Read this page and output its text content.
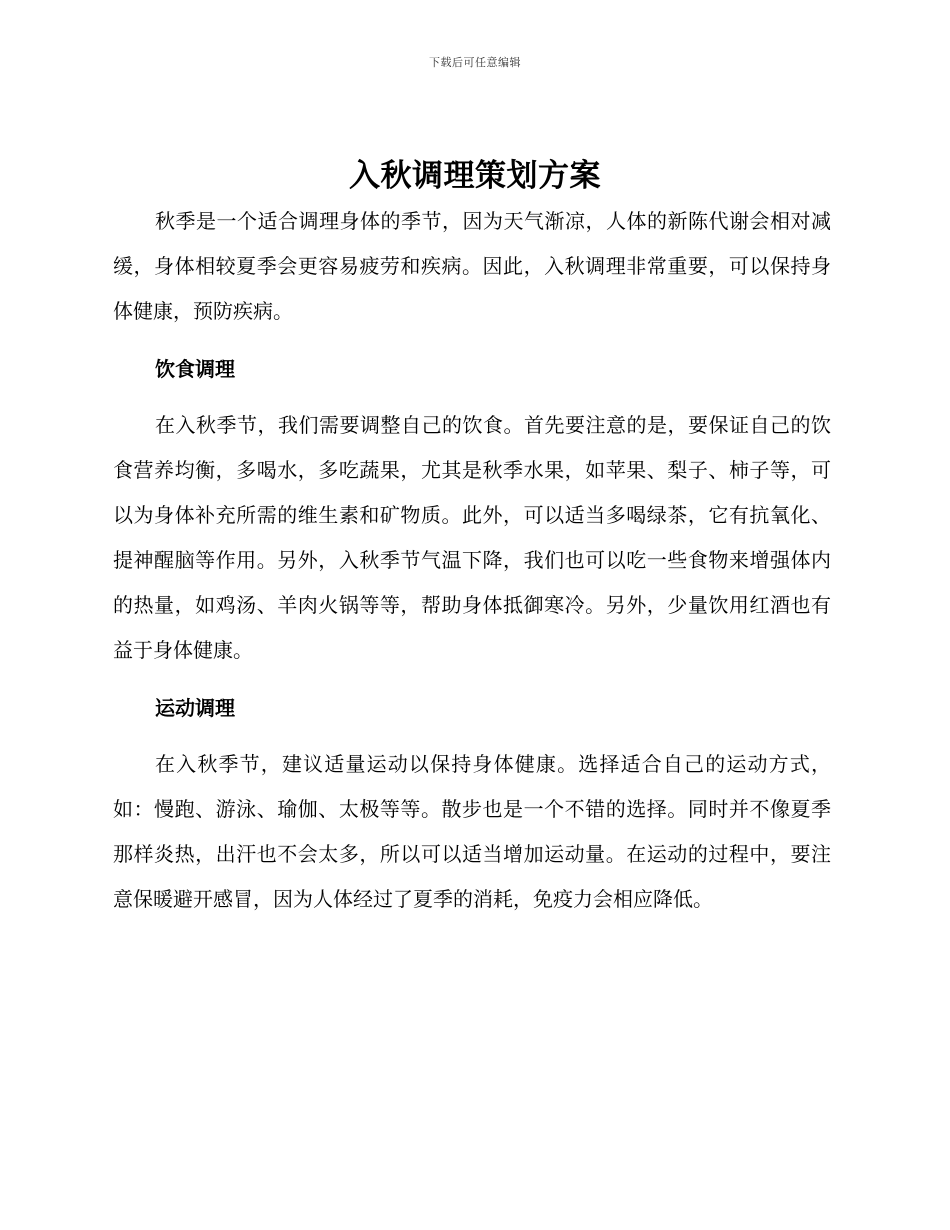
下载后可任意编辑
入秋调理策划方案

秋季是一个适合调理身体的季节，因为天气渐凉，人体的新陈代谢会相对减缓，身体相较夏季会更容易疲劳和疾病。因此，入秋调理非常重要，可以保持身体健康，预防疾病。

饮食调理

在入秋季节，我们需要调整自己的饮食。首先要注意的是，要保证自己的饮食营养均衡，多喝水，多吃蔬果，尤其是秋季水果，如苹果、梨子、柿子等，可以为身体补充所需的维生素和矿物质。此外，可以适当多喝绿茶，它有抗氧化、提神醒脑等作用。另外，入秋季节气温下降，我们也可以吃一些食物来增强体内的热量，如鸡汤、羊肉火锅等等，帮助身体抵御寒冷。另外，少量饮用红酒也有益于身体健康。

运动调理

在入秋季节，建议适量运动以保持身体健康。选择适合自己的运动方式，如：慢跑、游泳、瑜伽、太极等等。散步也是一个不错的选择。同时并不像夏季那样炎热，出汗也不会太多，所以可以适当增加运动量。在运动的过程中，要注意保暖避开感冒，因为人体经过了夏季的消耗，免疫力会相应降低。
